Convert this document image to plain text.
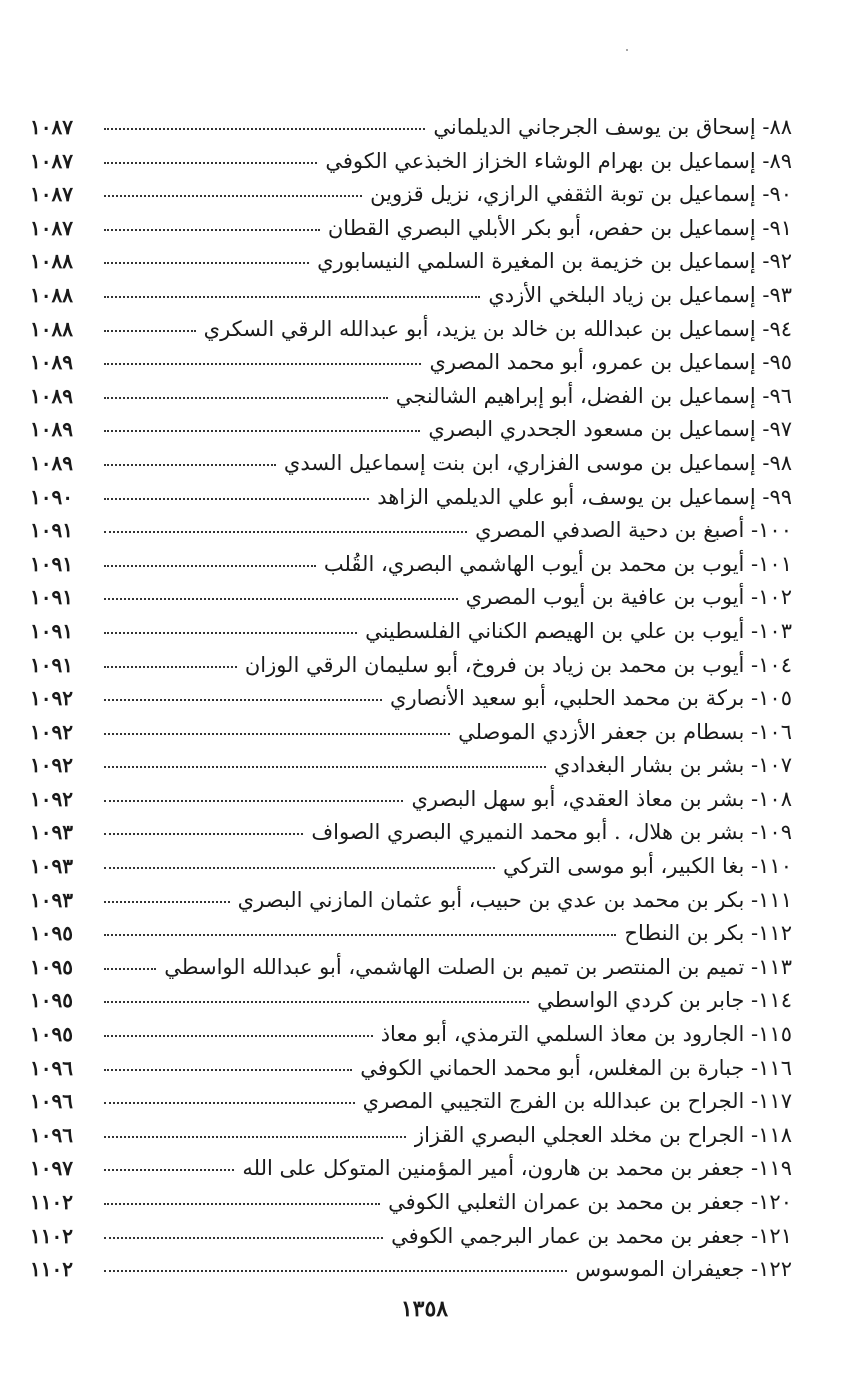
٨٨- إسحاق بن يوسف الجرجاني الديلماني
١٠٨٧
٨٩- إسماعيل بن بهرام الوشاء الخزاز الخبذعي الكوفي
١٠٨٧
٩٠- إسماعيل بن توبة الثقفي الرازي، نزيل قزوين
١٠٨٧
٩١- إسماعيل بن حفص، أبو بكر الأبلي البصري القطان
١٠٨٧
٩٢- إسماعيل بن خزيمة بن المغيرة السلمي النيسابوري
١٠٨٨
٩٣- إسماعيل بن زياد البلخي الأزدي
١٠٨٨
٩٤- إسماعيل بن عبدالله بن خالد بن يزيد، أبو عبدالله الرقي السكري
١٠٨٨
٩٥- إسماعيل بن عمرو، أبو محمد المصري
١٠٨٩
٩٦- إسماعيل بن الفضل، أبو إبراهيم الشالنجي
١٠٨٩
٩٧- إسماعيل بن مسعود الجحدري البصري
١٠٨٩
٩٨- إسماعيل بن موسى الفزاري، ابن بنت إسماعيل السدي
١٠٨٩
٩٩- إسماعيل بن يوسف، أبو علي الديلمي الزاهد
١٠٩٠
١٠٠- أصبغ بن دحية الصدفي المصري
١٠٩١
١٠١- أيوب بن محمد بن أيوب الهاشمي البصري، القُلب
١٠٩١
١٠٢- أيوب بن عافية بن أيوب المصري
١٠٩١
١٠٣- أيوب بن علي بن الهيصم الكناني الفلسطيني
١٠٩١
١٠٤- أيوب بن محمد بن زياد بن فروخ، أبو سليمان الرقي الوزان
١٠٩١
١٠٥- بركة بن محمد الحلبي، أبو سعيد الأنصاري
١٠٩٢
١٠٦- بسطام بن جعفر الأزدي الموصلي
١٠٩٢
١٠٧- بشر بن بشار البغدادي
١٠٩٢
١٠٨- بشر بن معاذ العقدي، أبو سهل البصري
١٠٩٢
١٠٩- بشر بن هلال، . أبو محمد النميري البصري الصواف
١٠٩٣
١١٠- بغا الكبير، أبو موسى التركي
١٠٩٣
١١١- بكر بن محمد بن عدي بن حبيب، أبو عثمان المازني البصري
١٠٩٣
١١٢- بكر بن النطاح
١٠٩٥
١١٣- تميم بن المنتصر بن تميم بن الصلت الهاشمي، أبو عبدالله الواسطي
١٠٩٥
١١٤- جابر بن كردي الواسطي
١٠٩٥
١١٥- الجارود بن معاذ السلمي الترمذي، أبو معاذ
١٠٩٥
١١٦- جبارة بن المغلس، أبو محمد الحماني الكوفي
١٠٩٦
١١٧- الجراح بن عبدالله بن الفرج التجيبي المصري
١٠٩٦
١١٨- الجراح بن مخلد العجلي البصري القزاز
١٠٩٦
١١٩- جعفر بن محمد بن هارون، أمير المؤمنين المتوكل على الله
١٠٩٧
١٢٠- جعفر بن محمد بن عمران الثعلبي الكوفي
١١٠٢
١٢١- جعفر بن محمد بن عمار البرجمي الكوفي
١١٠٢
١٢٢- جعيفران الموسوس
١١٠٢
١٣٥٨
